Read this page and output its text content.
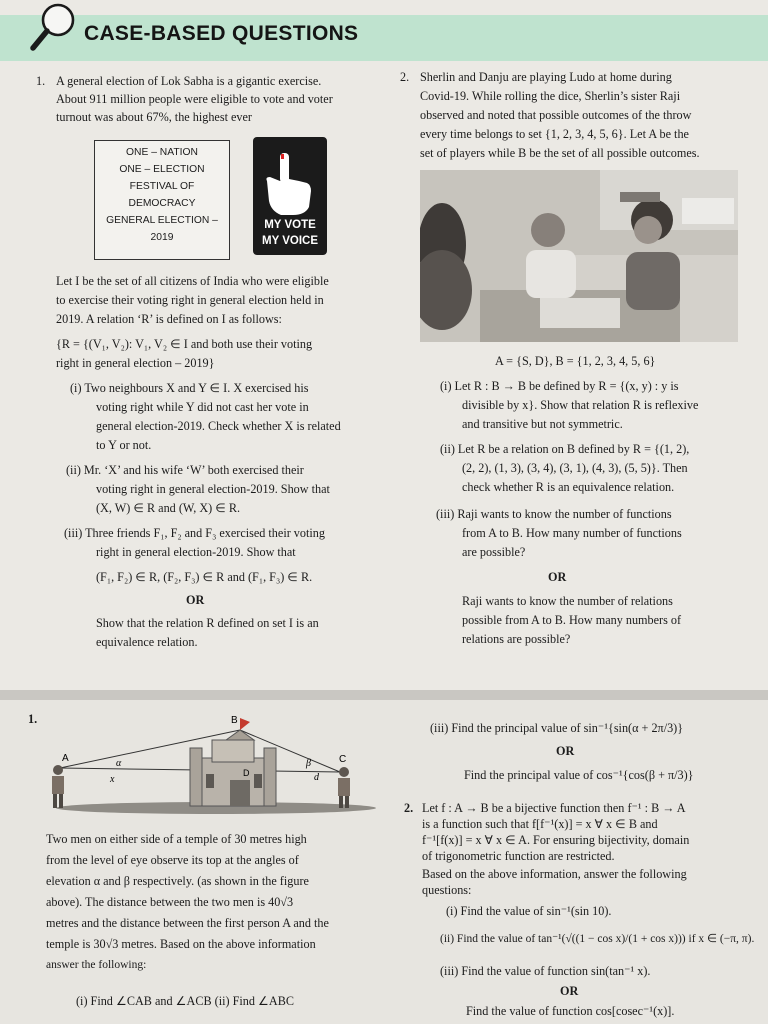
CASE-BASED QUESTIONS
1. A general election of Lok Sabha is a gigantic exercise.

About 911 million people were eligible to vote and voter

turnout was about 67%, the highest ever

ONE – NATION
ONE – ELECTION
FESTIVAL OF
DEMOCRACY
GENERAL ELECTION –
2019
MY VOTE
MY VOICE

Let I be the set of all citizens of India who were eligible

to exercise their voting right in general election held in

2019. A relation ‘R’ is defined on I as follows:

{R = {(V₁, V₂): V₁, V₂ ∈ I and both use their voting

right in general election – 2019}

(i) Two neighbours X and Y ∈ I. X exercised his

voting right while Y did not cast her vote in

general election-2019. Check whether X is related

to Y or not.

(ii) Mr. ‘X’ and his wife ‘W’ both exercised their

voting right in general election-2019. Show that

(X, W) ∈ R and (W, X) ∈ R.

(iii) Three friends F₁, F₂ and F₃ exercised their voting

right in general election-2019. Show that

(F₁, F₂) ∈ R, (F₂, F₃) ∈ R and (F₁, F₃) ∈ R.

OR

Show that the relation R defined on set I is an

equivalence relation.

2. Sherlin and Danju are playing Ludo at home during

Covid-19. While rolling the dice, Sherlin’s sister Raji

observed and noted that possible outcomes of the throw

every time belongs to set {1, 2, 3, 4, 5, 6}. Let A be the

set of players while B be the set of all possible outcomes.

A = {S, D}, B = {1, 2, 3, 4, 5, 6}

(i) Let R : B → B be defined by R = {(x, y) : y is

divisible by x}. Show that relation R is reflexive

and transitive but not symmetric.

(ii) Let R be a relation on B defined by R = {(1, 2),

(2, 2), (1, 3), (3, 4), (3, 1), (4, 3), (5, 5)}. Then

check whether R is an equivalence relation.

(iii) Raji wants to know the number of functions

from A to B. How many number of functions

are possible?

OR

Raji wants to know the number of relations

possible from A to B. How many numbers of

relations are possible?

1.	B
A	C
D
α	β
x	d

Two men on either side of a temple of 30 metres high

from the level of eye observe its top at the angles of

elevation α and β respectively. (as shown in the figure

above). The distance between the two men is 40√3

metres and the distance between the first person A and the

temple is 30√3 metres. Based on the above information

answer the following:

(i) Find ∠CAB and ∠ACB (ii) Find ∠ABC

(iii) Find the principal value of sin⁻¹{sin(α + 2π/3)}

OR

Find the principal value of cos⁻¹{cos(β + π/3)}

2. Let f : A → B be a bijective function then f⁻¹ : B → A

is a function such that f[f⁻¹(x)] = x ∀ x ∈ B and

f⁻¹[f(x)] = x ∀ x ∈ A. For ensuring bijectivity, domain

of trigonometric function are restricted.

Based on the above information, answer the following

questions:

(i) Find the value of sin⁻¹(sin 10).

(ii) Find the value of tan⁻¹(√((1 − cos x)/(1 + cos x))) if x ∈ (−π, π).

(iii) Find the value of function sin(tan⁻¹ x).

OR

Find the value of function cos[cosec⁻¹(x)].
